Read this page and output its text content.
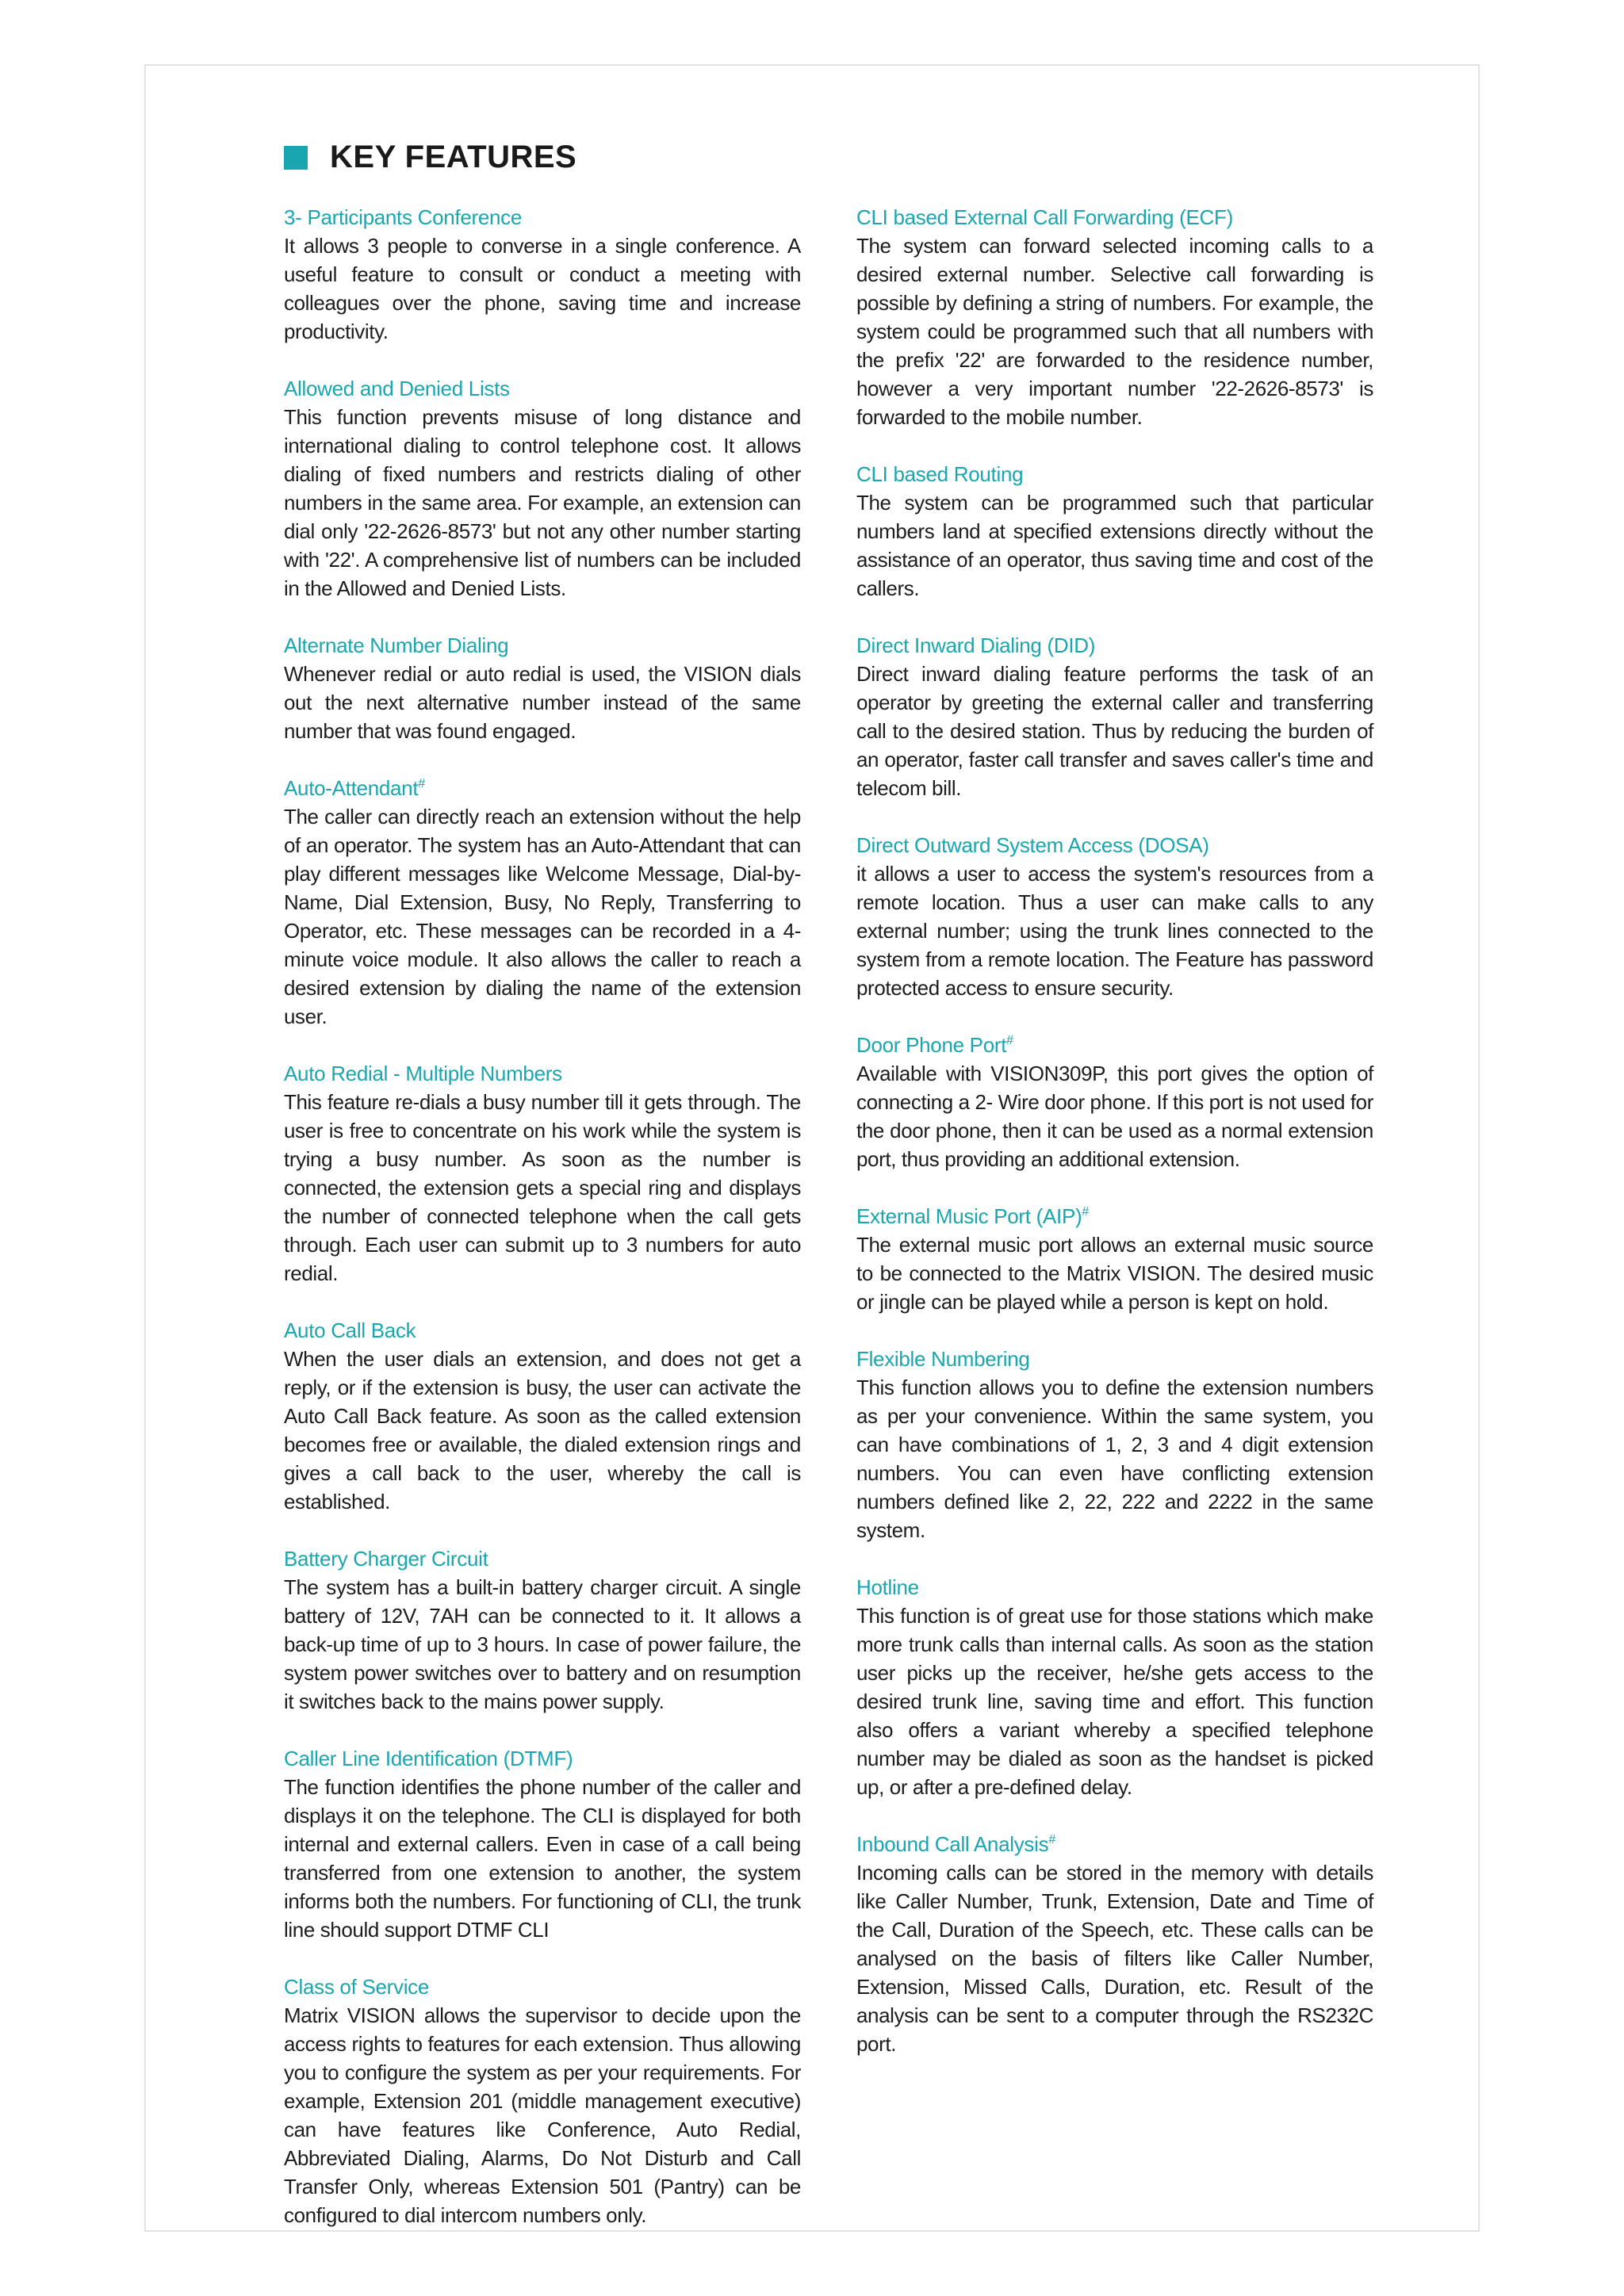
KEY FEATURES
3- Participants Conference
It allows 3 people to converse in a single conference. A useful feature to consult or conduct a meeting with colleagues over the phone, saving time and increase productivity.
Allowed and Denied Lists
This function prevents misuse of long distance and international dialing to control telephone cost. It allows dialing of fixed numbers and restricts dialing of other numbers in the same area. For example, an extension can dial only '22-2626-8573' but not any other number starting with '22'. A comprehensive list of numbers can be included in the Allowed and Denied Lists.
Alternate Number Dialing
Whenever redial or auto redial is used, the VISION dials out the next alternative number instead of the same number that was found engaged.
Auto-Attendant#
The caller can directly reach an extension without the help of an operator. The system has an Auto-Attendant that can play different messages like Welcome Message, Dial-by-Name, Dial Extension, Busy, No Reply, Transferring to Operator, etc. These messages can be recorded in a 4-minute voice module. It also allows the caller to reach a desired extension by dialing the name of the extension user.
Auto Redial - Multiple Numbers
This feature re-dials a busy number till it gets through. The user is free to concentrate on his work while the system is trying a busy number. As soon as the number is connected, the extension gets a special ring and displays the number of connected telephone when the call gets through. Each user can submit up to 3 numbers for auto redial.
Auto Call Back
When the user dials an extension, and does not get a reply, or if the extension is busy, the user can activate the Auto Call Back feature. As soon as the called extension becomes free or available, the dialed extension rings and gives a call back to the user, whereby the call is established.
Battery Charger Circuit
The system has a built-in battery charger circuit. A single battery of 12V, 7AH can be connected to it. It allows a back-up time of up to 3 hours. In case of power failure, the system power switches over to battery and on resumption it switches back to the mains power supply.
Caller Line Identification (DTMF)
The function identifies the phone number of the caller and displays it on the telephone. The CLI is displayed for both internal and external callers. Even in case of a call being transferred from one extension to another, the system informs both the numbers. For functioning of CLI, the trunk line should support DTMF CLI
Class of Service
Matrix VISION allows the supervisor to decide upon the access rights to features for each extension. Thus allowing you to configure the system as per your requirements. For example, Extension 201 (middle management executive) can have features like Conference, Auto Redial, Abbreviated Dialing, Alarms, Do Not Disturb and Call Transfer Only, whereas Extension 501 (Pantry) can be configured to dial intercom numbers only.
CLI based External Call Forwarding (ECF)
The system can forward selected incoming calls to a desired external number. Selective call forwarding is possible by defining a string of numbers. For example, the system could be programmed such that all numbers with the prefix '22' are forwarded to the residence number, however a very important number '22-2626-8573' is forwarded to the mobile number.
CLI based Routing
The system can be programmed such that particular numbers land at specified extensions directly without the assistance of an operator, thus saving time and cost of the callers.
Direct Inward Dialing (DID)
Direct inward dialing feature performs the task of an operator by greeting the external caller and transferring call to the desired station. Thus by reducing the burden of an operator, faster call transfer and saves caller's time and telecom bill.
Direct Outward System Access (DOSA)
it allows a user to access the system's resources from a remote location. Thus a user can make calls to any external number; using the trunk lines connected to the system from a remote location. The Feature has password protected access to ensure security.
Door Phone Port#
Available with VISION309P, this port gives the option of connecting a 2- Wire door phone. If this port is not used for the door phone, then it can be used as a normal extension port, thus providing an additional extension.
External Music Port (AIP)#
The external music port allows an external music source to be connected to the Matrix VISION. The desired music or jingle can be played while a person is kept on hold.
Flexible Numbering
This function allows you to define the extension numbers as per your convenience. Within the same system, you can have combinations of 1, 2, 3 and 4 digit extension numbers. You can even have conflicting extension numbers defined like 2, 22, 222 and 2222 in the same system.
Hotline
This function is of great use for those stations which make more trunk calls than internal calls. As soon as the station user picks up the receiver, he/she gets access to the desired trunk line, saving time and effort. This function also offers a variant whereby a specified telephone number may be dialed as soon as the handset is picked up, or after a pre-defined delay.
Inbound Call Analysis#
Incoming calls can be stored in the memory with details like Caller Number, Trunk, Extension, Date and Time of the Call, Duration of the Speech, etc. These calls can be analysed on the basis of filters like Caller Number, Extension, Missed Calls, Duration, etc. Result of the analysis can be sent to a computer through the RS232C port.
